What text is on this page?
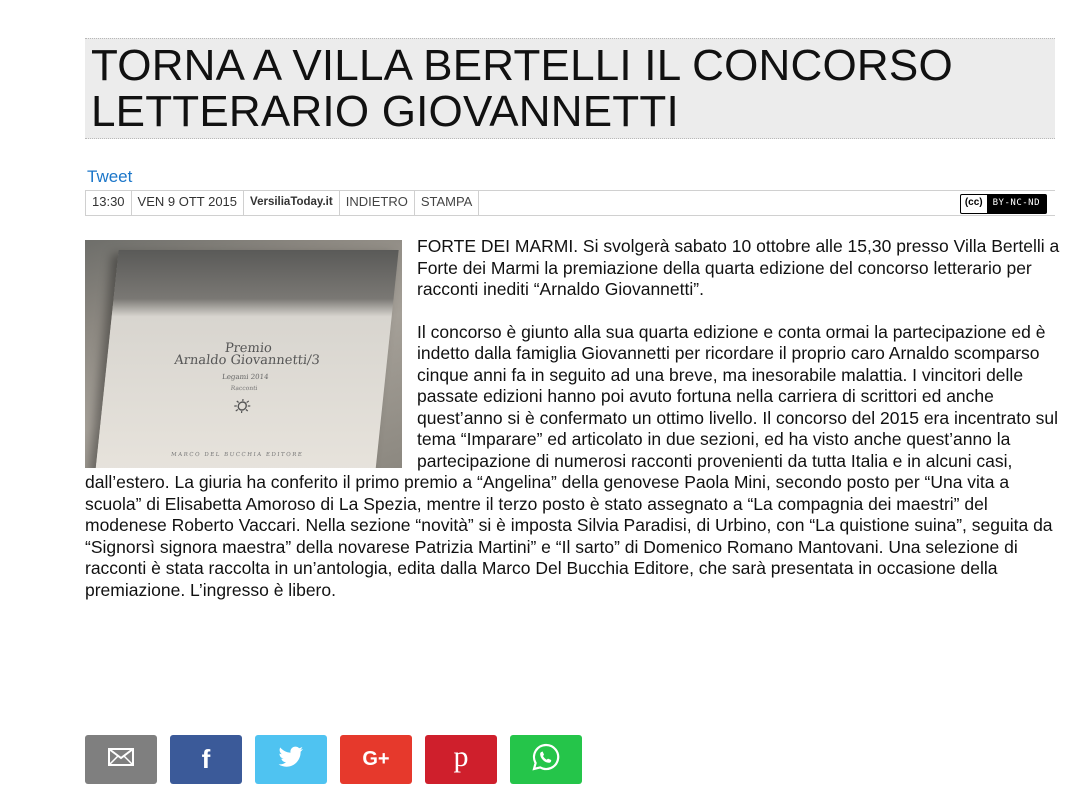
TORNA A VILLA BERTELLI IL CONCORSO LETTERARIO GIOVANNETTI
Tweet
13:30	VEN 9 OTT 2015	VersiliaToday.it	INDIETRO	STAMPA	(cc)	BY-NC-ND
Premio
Arnaldo Giovannetti/3
Legami 2014
Racconti
MARCO DEL BUCCHIA EDITORE

FORTE DEI MARMI. Si svolgerà sabato 10 ottobre alle 15,30 presso Villa Bertelli a Forte dei Marmi la premiazione della quarta edizione del concorso letterario per racconti inediti “Arnaldo Giovannetti”.

Il concorso è giunto alla sua quarta edizione e conta ormai la partecipazione ed è indetto dalla famiglia Giovannetti per ricordare il proprio caro Arnaldo scomparso cinque anni fa in seguito ad una breve, ma inesorabile malattia. I vincitori delle passate edizioni hanno poi avuto fortuna nella carriera di scrittori ed anche quest’anno si è confermato un ottimo livello. Il concorso del 2015 era incentrato sul tema “Imparare” ed articolato in due sezioni, ed ha visto anche quest’anno la partecipazione di numerosi racconti provenienti da tutta Italia e in alcuni casi, dall’estero. La giuria ha conferito il primo premio a “Angelina” della genovese Paola Mini, secondo posto per “Una vita a scuola” di Elisabetta Amoroso di La Spezia, mentre il terzo posto è stato assegnato a “La compagnia dei maestri” del modenese Roberto Vaccari. Nella sezione “novità” si è imposta Silvia Paradisi, di Urbino, con “La quistione suina”, seguita da “Signorsì signora maestra” della novarese Patrizia Martini” e “Il sarto” di Domenico Romano Mantovani. Una selezione di racconti è stata raccolta in un’antologia, edita dalla Marco Del Bucchia Editore, che sarà presentata in occasione della premiazione. L’ingresso è libero.

f	G+ p
